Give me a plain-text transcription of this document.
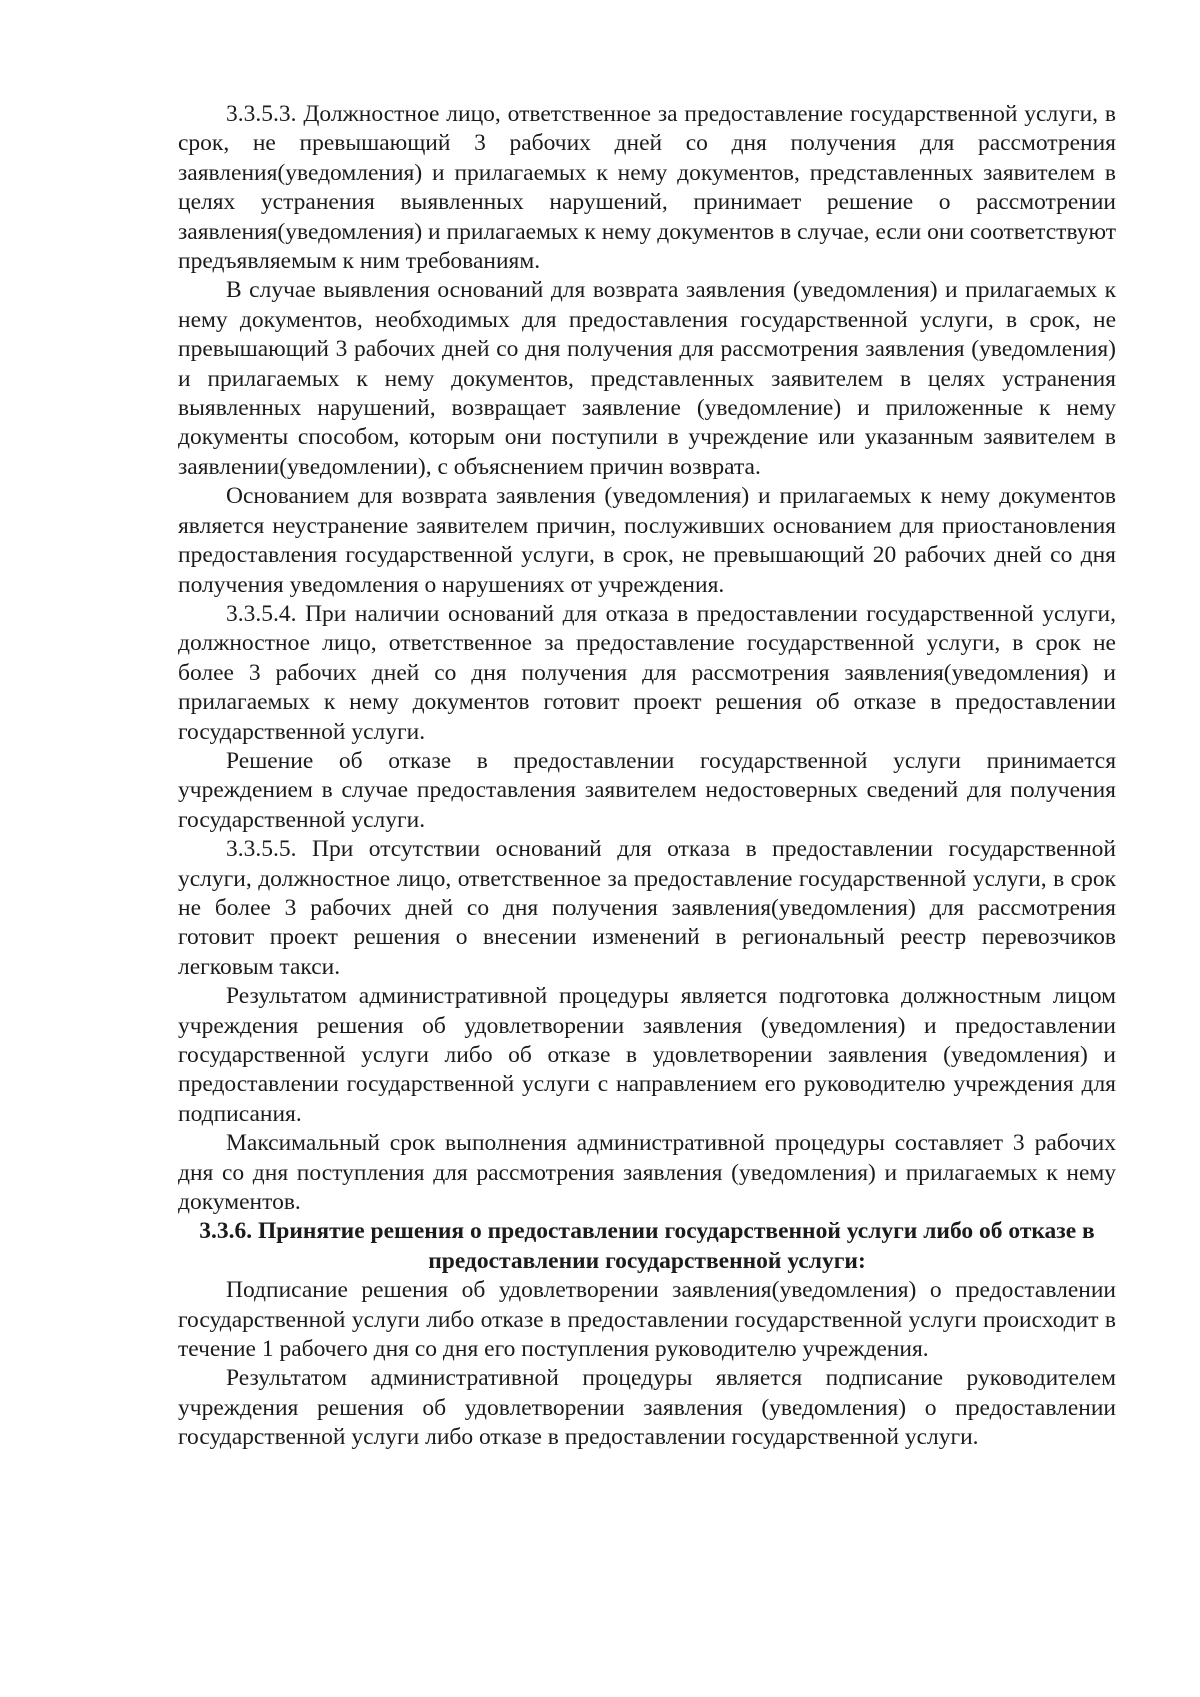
3.3.5.3. Должностное лицо, ответственное за предоставление государственной услуги, в срок, не превышающий 3 рабочих дней со дня получения для рассмотрения заявления(уведомления) и прилагаемых к нему документов, представленных заявителем в целях устранения выявленных нарушений, принимает решение о рассмотрении заявления(уведомления) и прилагаемых к нему документов в случае, если они соответствуют предъявляемым к ним требованиям.

В случае выявления оснований для возврата заявления (уведомления) и прилагаемых к нему документов, необходимых для предоставления государственной услуги, в срок, не превышающий 3 рабочих дней со дня получения для рассмотрения заявления (уведомления) и прилагаемых к нему документов, представленных заявителем в целях устранения выявленных нарушений, возвращает заявление (уведомление) и приложенные к нему документы способом, которым они поступили в учреждение или указанным заявителем в заявлении(уведомлении), с объяснением причин возврата.

Основанием для возврата заявления (уведомления) и прилагаемых к нему документов является неустранение заявителем причин, послуживших основанием для приостановления предоставления государственной услуги, в срок, не превышающий 20 рабочих дней со дня получения уведомления о нарушениях от учреждения.

3.3.5.4. При наличии оснований для отказа в предоставлении государственной услуги, должностное лицо, ответственное за предоставление государственной услуги, в срок не более 3 рабочих дней со дня получения для рассмотрения заявления(уведомления) и прилагаемых к нему документов готовит проект решения об отказе в предоставлении государственной услуги.

Решение об отказе в предоставлении государственной услуги принимается учреждением в случае предоставления заявителем недостоверных сведений для получения государственной услуги.

3.3.5.5. При отсутствии оснований для отказа в предоставлении государственной услуги, должностное лицо, ответственное за предоставление государственной услуги, в срок не более 3 рабочих дней со дня получения заявления(уведомления) для рассмотрения готовит проект решения о внесении изменений в региональный реестр перевозчиков легковым такси.

Результатом административной процедуры является подготовка должностным лицом учреждения решения об удовлетворении заявления (уведомления) и предоставлении государственной услуги либо об отказе в удовлетворении заявления (уведомления) и предоставлении государственной услуги с направлением его руководителю учреждения для подписания.

Максимальный срок выполнения административной процедуры составляет 3 рабочих дня со дня поступления для рассмотрения заявления (уведомления) и прилагаемых к нему документов.

3.3.6. Принятие решения о предоставлении государственной услуги либо об отказе в предоставлении государственной услуги:

Подписание решения об удовлетворении заявления(уведомления) о предоставлении государственной услуги либо отказе в предоставлении государственной услуги происходит в течение 1 рабочего дня со дня его поступления руководителю учреждения.

Результатом административной процедуры является подписание руководителем учреждения решения об удовлетворении заявления (уведомления) о предоставлении государственной услуги либо отказе в предоставлении государственной услуги.
